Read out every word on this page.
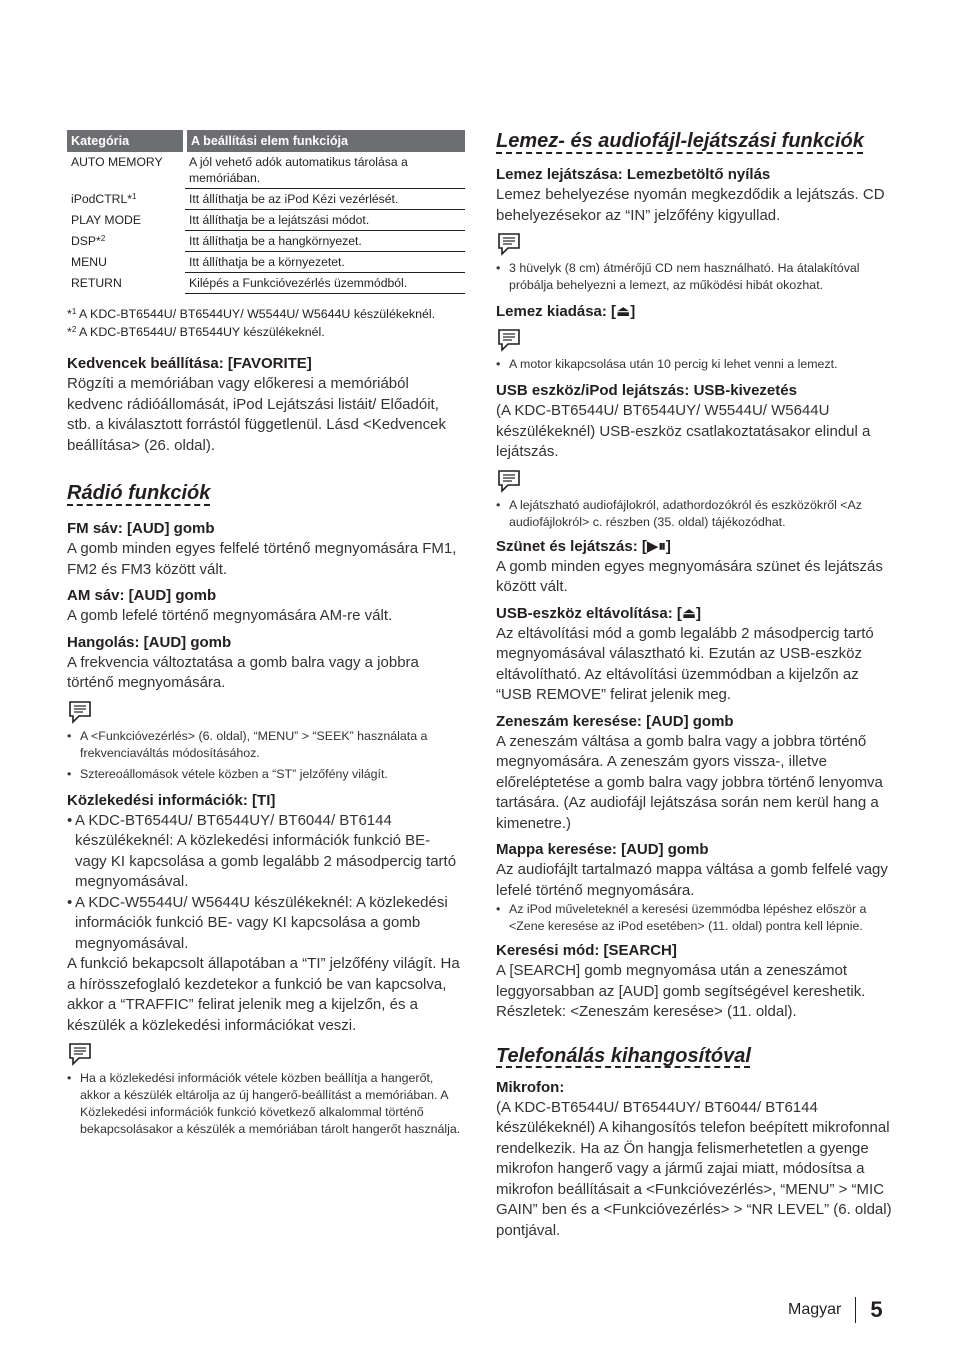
Kategória	A beállítási elem funkciója
AUTO MEMORY	A jól vehető adók automatikus tárolása a memóriában.
iPodCTRL*$^1$	Itt állíthatja be az iPod Kézi vezérlését.
PLAY MODE	Itt állíthatja be a lejátszási módot.
DSP*$^2$	Itt állíthatja be a hangkörnyezet.
MENU	Itt állíthatja be a környezetet.
RETURN	Kilépés a Funkcióvezérlés üzemmódból.

*$^1$ A KDC-BT6544U/ BT6544UY/ W5544U/ W5644U készülékeknél.

*$^2$ A KDC-BT6544U/ BT6544UY készülékeknél.

Kedvencek beállítása: [FAVORITE]

Rögzíti a memóriában vagy előkeresi a memóriából kedvenc rádióállomását, iPod Lejátszási listáit/ Előadóit, stb. a kiválasztott forrástól függetlenül. Lásd <Kedvencek beállítása> (26. oldal).

Rádió funkciók

FM sáv: [AUD] gomb

A gomb minden egyes felfelé történő megnyomására FM1, FM2 és FM3 között vált.

AM sáv: [AUD] gomb

A gomb lefelé történő megnyomására AM-re vált.

Hangolás: [AUD] gomb

A frekvencia változtatása a gomb balra vagy a jobbra történő megnyomására.

• A <Funkcióvezérlés> (6. oldal), “MENU” > “SEEK” használata a frekvenciaváltás módosításához.

• Sztereoállomások vétele közben a “ST” jelzőfény világít.

Közlekedési információk: [TI]

• A KDC-BT6544U/ BT6544UY/ BT6044/ BT6144 készülékeknél: A közlekedési információk funkció BE- vagy KI kapcsolása a gomb legalább 2 másodpercig tartó megnyomásával.

• A KDC-W5544U/ W5644U készülékeknél: A közlekedési információk funkció BE- vagy KI kapcsolása a gomb megnyomásával.

A funkció bekapcsolt állapotában a “TI” jelzőfény világít. Ha a hírösszefoglaló kezdetekor a funkció be van kapcsolva, akkor a “TRAFFIC” felirat jelenik meg a kijelzőn, és a készülék a közlekedési információkat veszi.

• Ha a közlekedési információk vétele közben beállítja a hangerőt, akkor a készülék eltárolja az új hangerő-beállítást a memóriában. A Közlekedési információk funkció következő alkalommal történő bekapcsolásakor a készülék a memóriában tárolt hangerőt használja.

Lemez- és audiofájl-lejátszási funkciók

Lemez lejátszása: Lemezbetöltő nyílás

Lemez behelyezése nyomán megkezdődik a lejátszás. CD behelyezésekor az “IN” jelzőfény kigyullad.

• 3 hüvelyk (8 cm) átmérőjű CD nem használható. Ha átalakítóval próbálja behelyezni a lemezt, az működési hibát okozhat.

Lemez kiadása: [⏏]

• A motor kikapcsolása után 10 percig ki lehet venni a lemezt.

USB eszköz/iPod lejátszás: USB-kivezetés

(A KDC-BT6544U/ BT6544UY/ W5544U/ W5644U készülékeknél) USB-eszköz csatlakoztatásakor elindul a lejátszás.

• A lejátszható audiofájlokról, adathordozókról és eszközökről <Az audiofájlokról> c. részben (35. oldal) tájékozódhat.

Szünet és lejátszás: [▶⏸]

A gomb minden egyes megnyomására szünet és lejátszás között vált.

USB-eszköz eltávolítása: [⏏]

Az eltávolítási mód a gomb legalább 2 másodpercig tartó megnyomásával választható ki. Ezután az USB-eszköz eltávolítható. Az eltávolítási üzemmódban a kijelzőn az “USB REMOVE” felirat jelenik meg.

Zeneszám keresése: [AUD] gomb

A zeneszám váltása a gomb balra vagy a jobbra történő megnyomására. A zeneszám gyors vissza-, illetve előreléptetése a gomb balra vagy jobbra történő lenyomva tartására. (Az audiofájl lejátszása során nem kerül hang a kimenetre.)

Mappa keresése: [AUD] gomb

Az audiofájlt tartalmazó mappa váltása a gomb felfelé vagy lefelé történő megnyomására.

• Az iPod műveleteknél a keresési üzemmódba lépéshez először a <Zene keresése az iPod esetében> (11. oldal) pontra kell lépnie.

Keresési mód: [SEARCH]

A [SEARCH] gomb megnyomása után a zeneszámot leggyorsabban az [AUD] gomb segítségével kereshetik. Részletek: <Zeneszám keresése> (11. oldal).

Telefonálás kihangosítóval

Mikrofon:

(A KDC-BT6544U/ BT6544UY/ BT6044/ BT6144 készülékeknél) A kihangosítós telefon beépített mikrofonnal rendelkezik. Ha az Ön hangja felismerhetetlen a gyenge mikrofon hangerő vagy a jármű zajai miatt, módosítsa a mikrofon beállításait a <Funkcióvezérlés>, “MENU” > “MIC GAIN” ben és a <Funkcióvezérlés> > “NR LEVEL” (6. oldal) pontjával.

Magyar 5
